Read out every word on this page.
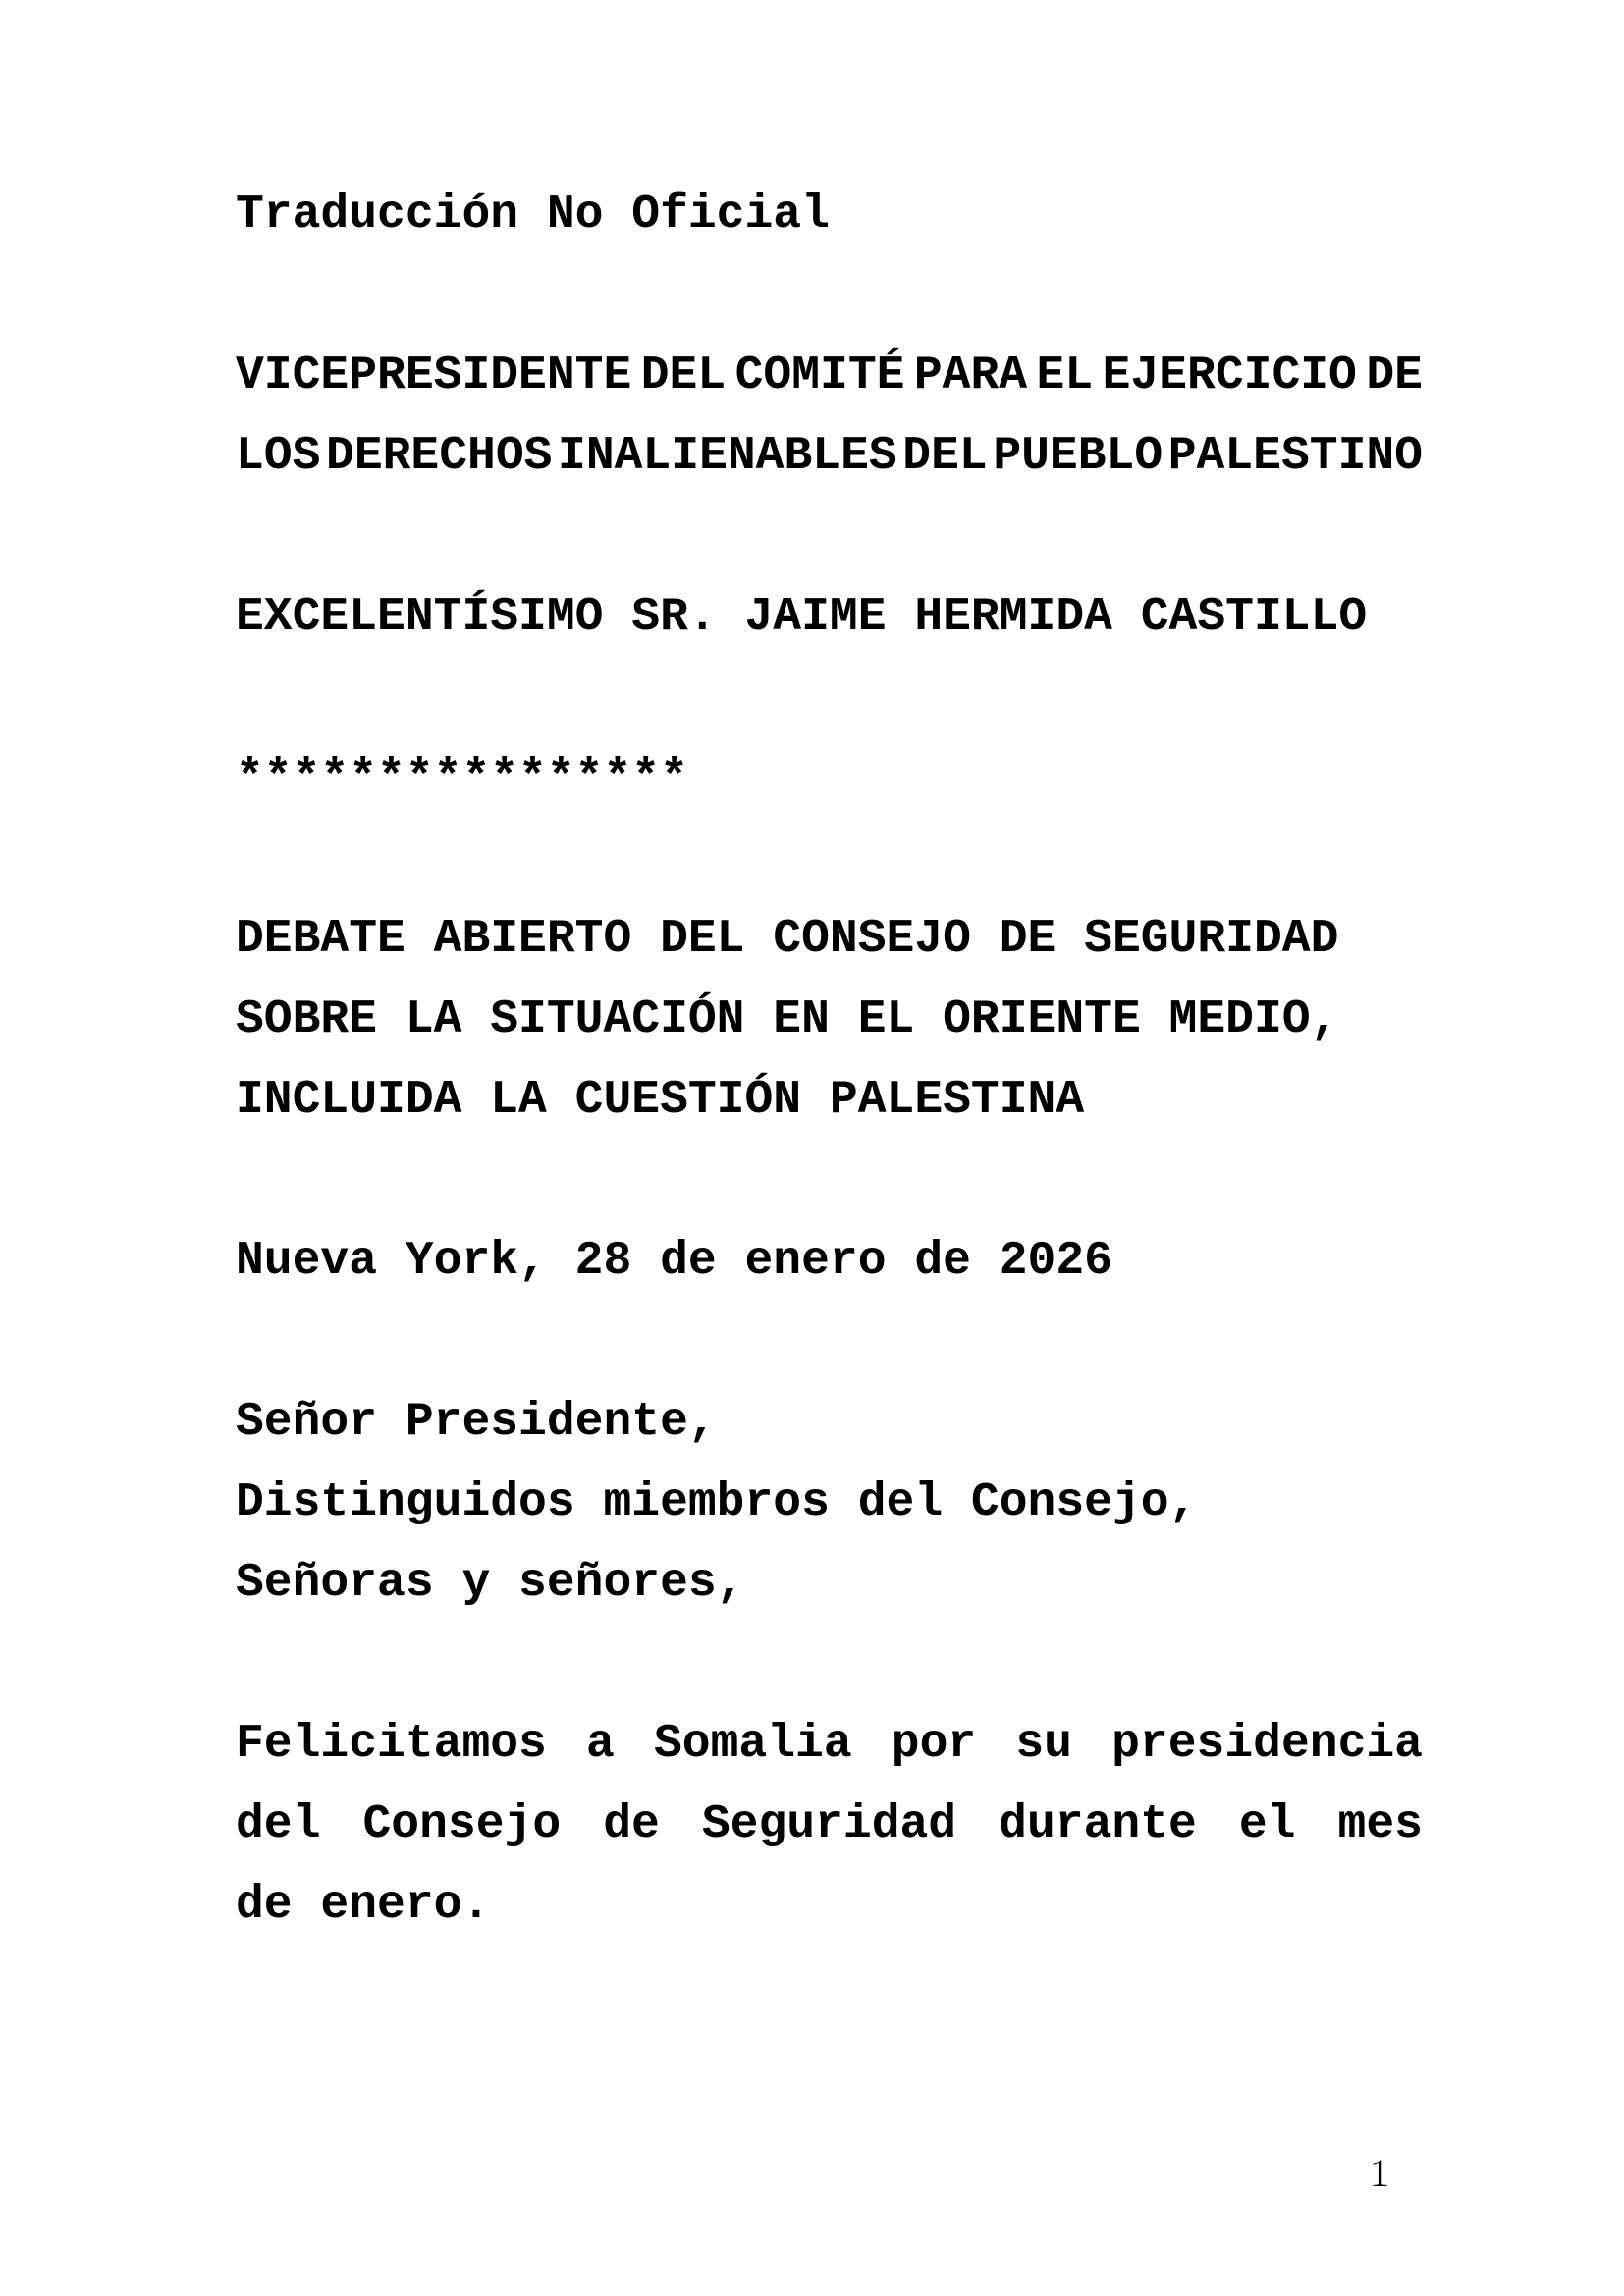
Traducción No Oficial
VICEPRESIDENTE DEL COMITÉ PARA EL EJERCICIO DE
LOS DERECHOS INALIENABLES DEL PUEBLO PALESTINO
EXCELENTÍSIMO SR. JAIME HERMIDA CASTILLO
****************
DEBATE ABIERTO DEL CONSEJO DE SEGURIDAD
SOBRE LA SITUACIÓN EN EL ORIENTE MEDIO,
INCLUIDA LA CUESTIÓN PALESTINA
Nueva York, 28 de enero de 2026
Señor Presidente,
Distinguidos miembros del Consejo,
Señoras y señores,
Felicitamos a Somalia por su presidencia
del Consejo de Seguridad durante el mes
de enero.
1
